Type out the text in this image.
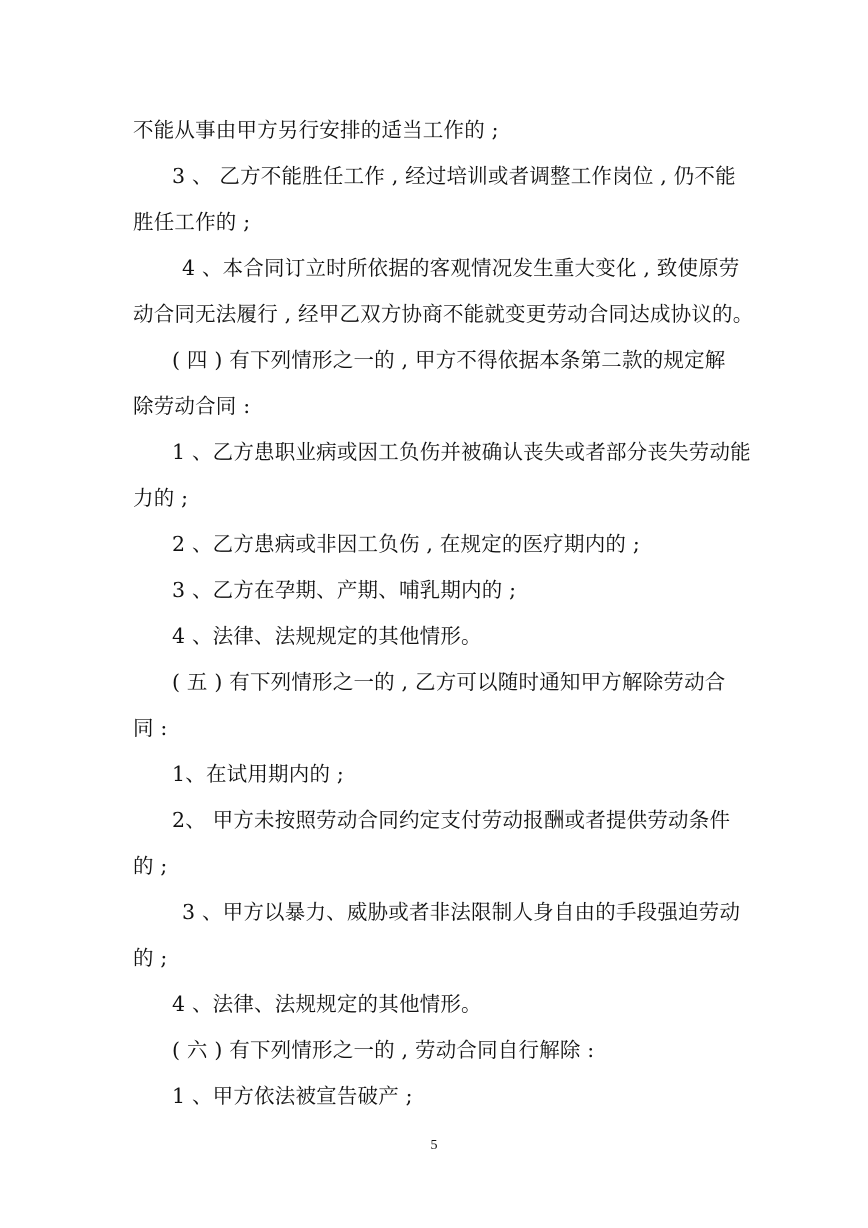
不能从事由甲方另行安排的适当工作的 ;
3 、 乙方不能胜任工作 , 经过培训或者调整工作岗位 , 仍不能
胜任工作的 ;
4 、本合同订立时所依据的客观情况发生重大变化 , 致使原劳
动合同无法履行 , 经甲乙双方协商不能就变更劳动合同达成协议的。
( 四 ) 有下列情形之一的 , 甲方不得依据本条第二款的规定解
除劳动合同 :
1 、乙方患职业病或因工负伤并被确认丧失或者部分丧失劳动能
力的 ;
2 、乙方患病或非因工负伤 , 在规定的医疗期内的 ;
3 、乙方在孕期、产期、哺乳期内的 ;
4 、法律、法规规定的其他情形。
( 五 ) 有下列情形之一的 , 乙方可以随时通知甲方解除劳动合
同 :
1、在试用期内的 ;
2、 甲方未按照劳动合同约定支付劳动报酬或者提供劳动条件
的 ;
3 、甲方以暴力、威胁或者非法限制人身自由的手段强迫劳动
的 ;
4 、法律、法规规定的其他情形。
( 六 ) 有下列情形之一的 , 劳动合同自行解除 :
1 、甲方依法被宣告破产 ;
5
